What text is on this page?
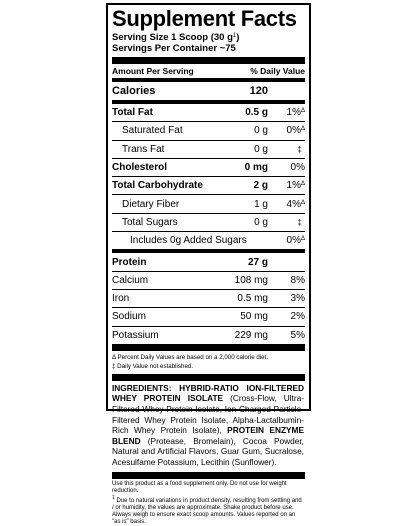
Supplement Facts
Serving Size 1 Scoop (30 $g^1$)
Servings Per Container ~75
Amount Per Serving	% Daily Value
Calories	120
Total Fat	0.5 g	1%$^\Delta$
Saturated Fat	0 g	0%$^\Delta$
Trans Fat	0 g	‡
Cholesterol	0 mg	0%
Total Carbohydrate	2 g	1%$^\Delta$
Dietary Fiber	1 g	4%$^\Delta$
Total Sugars	0 g	‡
Includes 0g Added Sugars	0%$^\Delta$
Protein	27 g
Calcium	108 mg	8%
Iron	0.5 mg	3%
Sodium	50 mg	2%
Potassium	229 mg	5%
Δ Percent Daily Values are based on a 2,000 calorie diet.
‡ Daily Value not established.
INGREDIENTS: HYBRID-RATIO ION-FILTERED WHEY PROTEIN ISOLATE (Cross-Flow, Ultra-Filtered Whey Protein Isolate, Ion-Charged Particle-Filtered Whey Protein Isolate, Alpha-Lactalbumin-Rich Whey Protein Isolate), PROTEIN ENZYME BLEND (Protease, Bromelain), Cocoa Powder, Natural and Artificial Flavors, Guar Gum, Sucralose, Acesulfame Potassium, Lecithin (Sunflower).
Use this product as a food supplement only. Do not use for weight reduction.
$^1$ Due to natural variations in product density, resulting from settling and / or humidity, the values are approximate. Shake product before use. Always weigh to ensure exact scoop amounts. Values reported on an "as is" basis.
